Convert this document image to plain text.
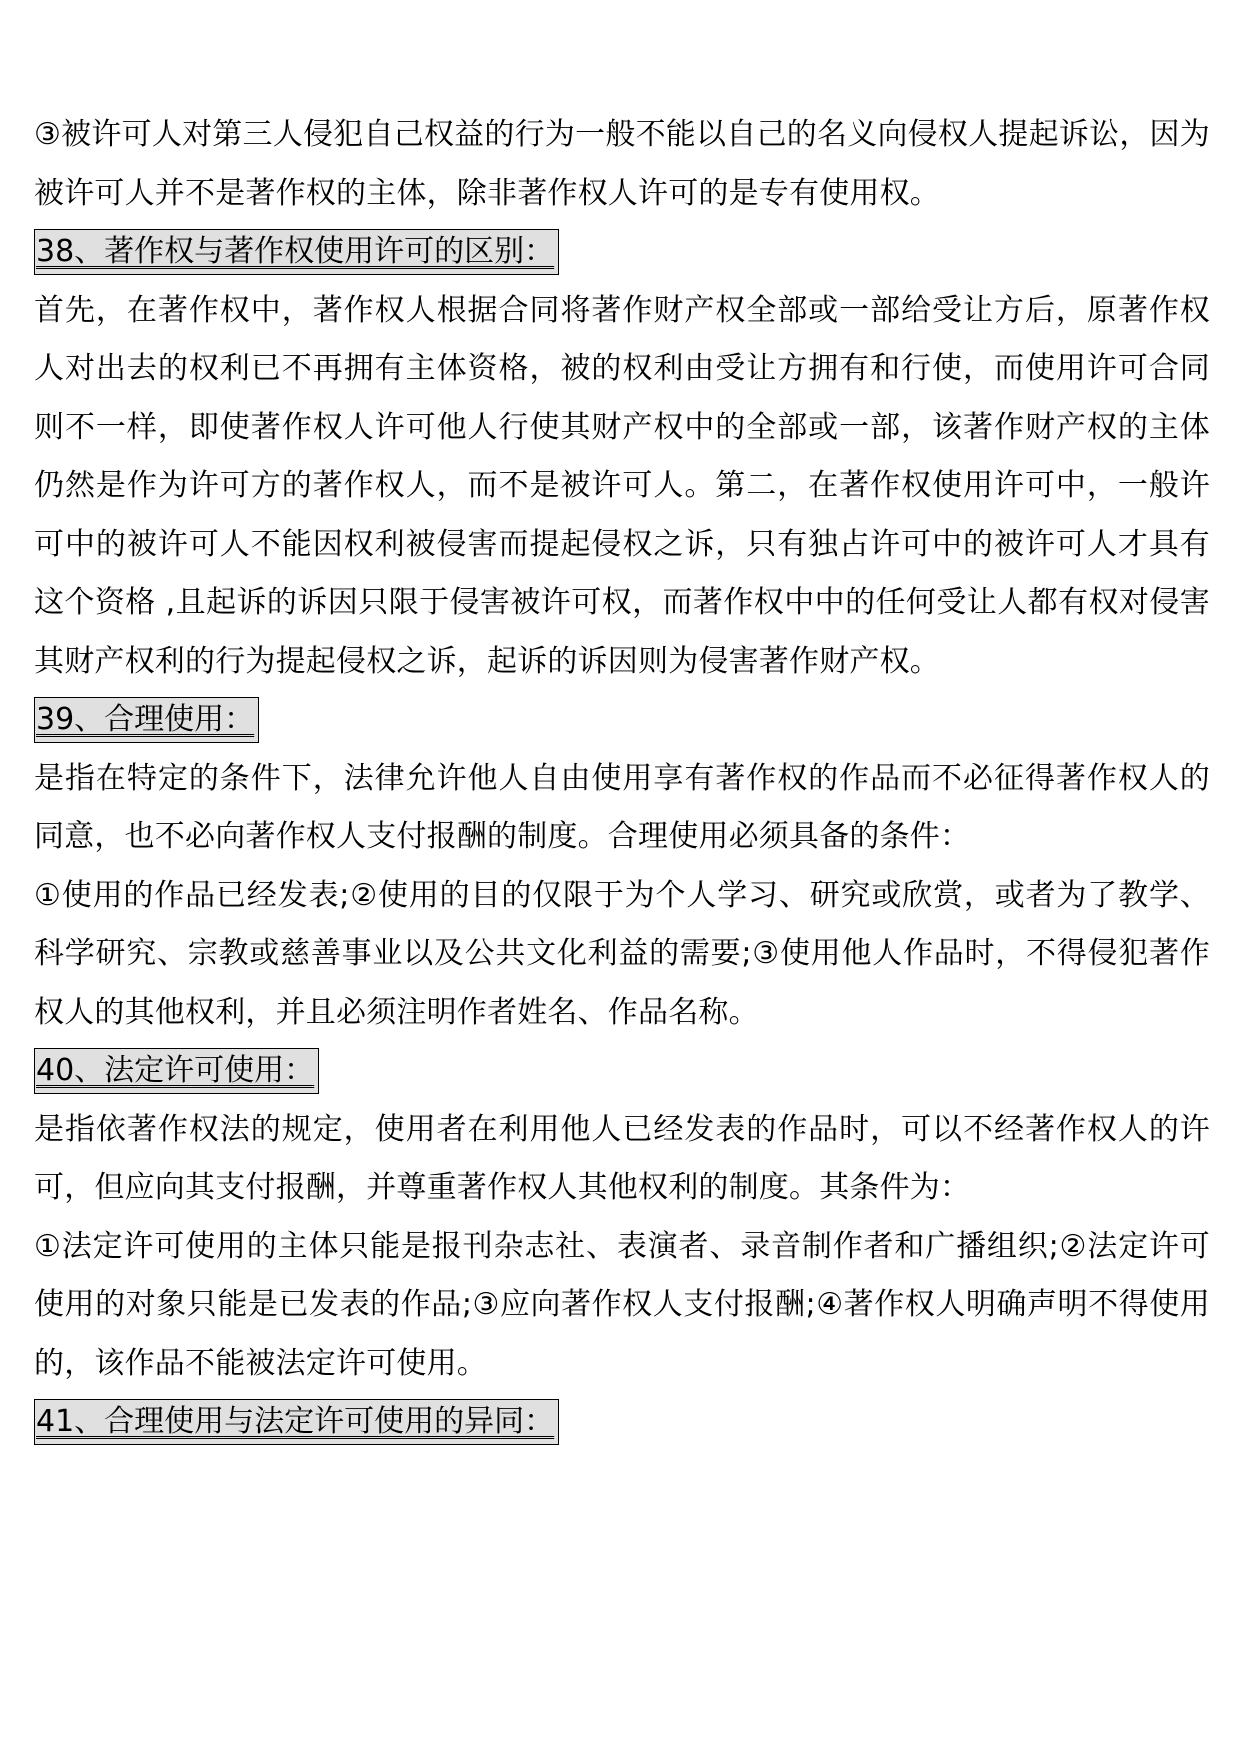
③被许可人对第三人侵犯自己权益的行为一般不能以自己的名义向侵权人提起诉讼，因为被许可人并不是著作权的主体，除非著作权人许可的是专有使用权。

38、著作权与著作权使用许可的区别：

首先，在著作权中，著作权人根据合同将著作财产权全部或一部给受让方后，原著作权人对出去的权利已不再拥有主体资格，被的权利由受让方拥有和行使，而使用许可合同则不一样，即使著作权人许可他人行使其财产权中的全部或一部，该著作财产权的主体仍然是作为许可方的著作权人，而不是被许可人。第二，在著作权使用许可中，一般许可中的被许可人不能因权利被侵害而提起侵权之诉，只有独占许可中的被许可人才具有这个资格 ,且起诉的诉因只限于侵害被许可权，而著作权中中的任何受让人都有权对侵害其财产权利的行为提起侵权之诉，起诉的诉因则为侵害著作财产权。

39、合理使用：

是指在特定的条件下，法律允许他人自由使用享有著作权的作品而不必征得著作权人的同意，也不必向著作权人支付报酬的制度。合理使用必须具备的条件：

①使用的作品已经发表;②使用的目的仅限于为个人学习、研究或欣赏，或者为了教学、科学研究、宗教或慈善事业以及公共文化利益的需要;③使用他人作品时，不得侵犯著作权人的其他权利，并且必须注明作者姓名、作品名称。

40、法定许可使用：

是指依著作权法的规定，使用者在利用他人已经发表的作品时，可以不经著作权人的许可，但应向其支付报酬，并尊重著作权人其他权利的制度。其条件为：

①法定许可使用的主体只能是报刊杂志社、表演者、录音制作者和广播组织;②法定许可使用的对象只能是已发表的作品;③应向著作权人支付报酬;④著作权人明确声明不得使用的，该作品不能被法定许可使用。

41、合理使用与法定许可使用的异同：
